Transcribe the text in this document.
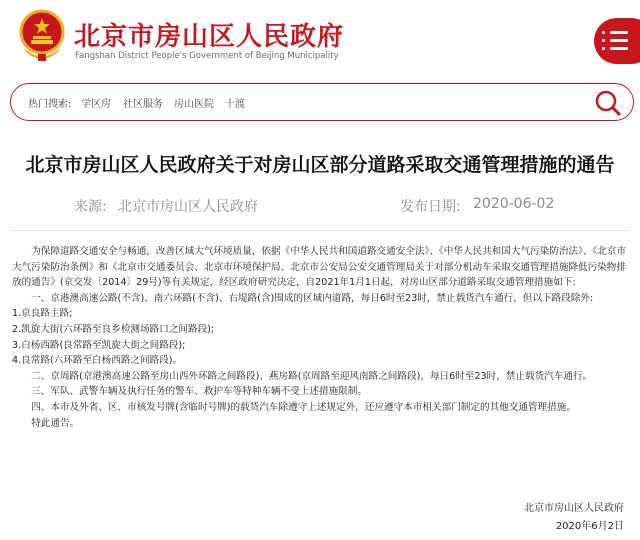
北京市房山区人民政府
Fangshan District People's Government of Beijing Municipality
热门搜索: 学区房 社区服务 房山医院 十渡
北京市房山区人民政府关于对房山区部分道路采取交通管理措施的通告
来源: 北京市房山区人民政府	发布日期: 2020-06-02

为保障道路交通安全与畅通，改善区域大气环境质量，依据《中华人民共和国道路交通安全法》、《中华人民共和国大气污染防治法》、《北京市大气污染防治条例》和《北京市交通委员会、北京市环境保护局、北京市公安局公安交通管理局关于对部分机动车采取交通管理措施降低污染物排放的通告》(京交发〔2014〕29号)等有关规定，经区政府研究决定，自2021年1月1日起，对房山区部分道路采取交通管理措施如下:

一、京港澳高速公路(不含)、南六环路(不含)、右堤路(含)围成的区域内道路，每日6时至23时，禁止载货汽车通行，但以下路段除外:

1.京良路主路;

2.凯旋大街(六环路至良乡检测场路口之间路段);

3.白杨西路(良常路至凯旋大街之间路段);

4.良常路(六环路至白杨西路之间路段)。

二、京周路(京港澳高速公路至房山西外环路之间路段)、燕房路(京周路至迎风南路之间路段)，每日6时至23时，禁止载货汽车通行。

三、军队、武警车辆及执行任务的警车、救护车等特种车辆不受上述措施限制。

四、本市及外省、区、市核发号牌(含临时号牌)的载货汽车除遵守上述规定外，还应遵守本市相关部门制定的其他交通管理措施。

特此通告。

北京市房山区人民政府
2020年6月2日
